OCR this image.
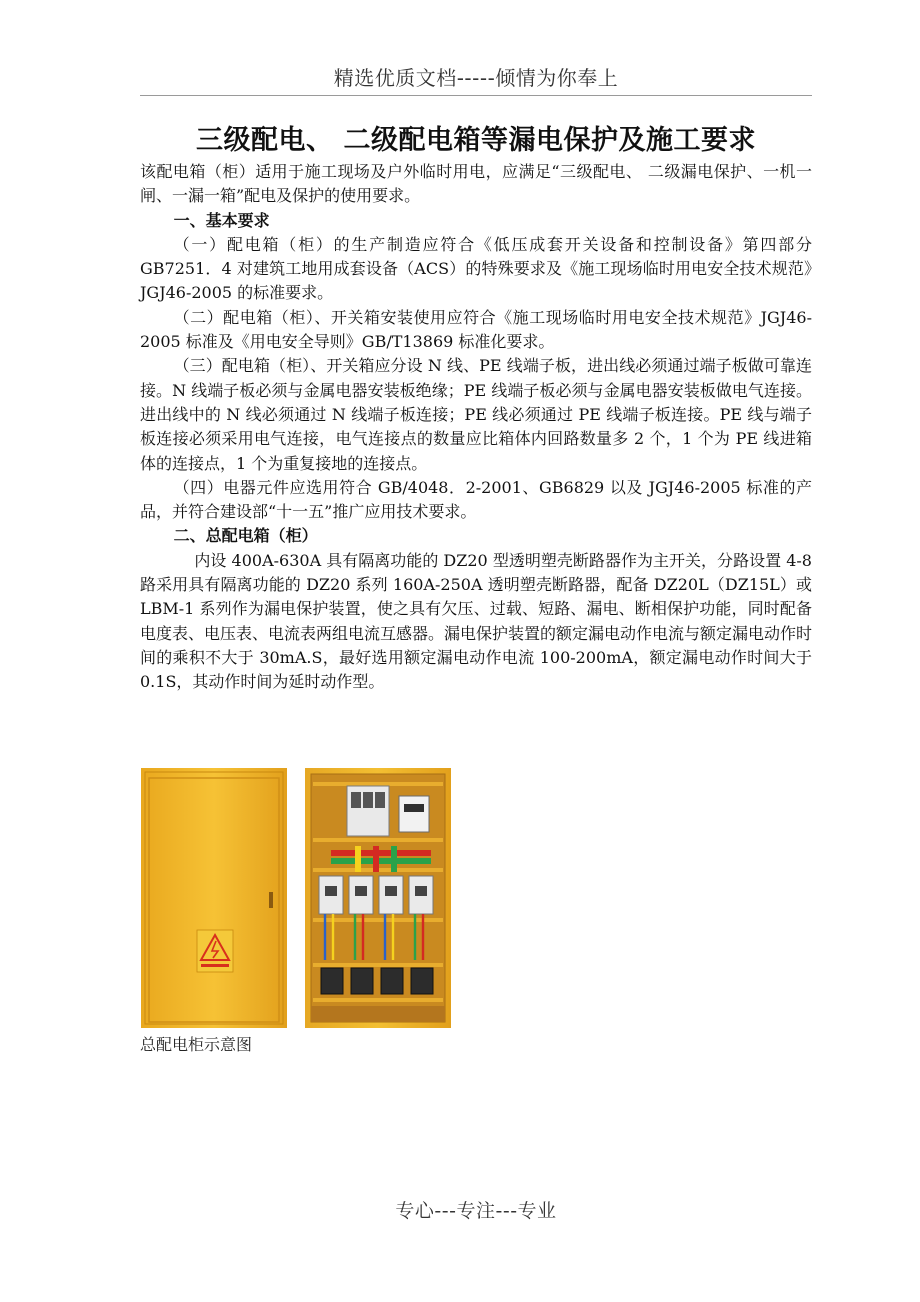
精选优质文档-----倾情为你奉上
三级配电、 二级配电箱等漏电保护及施工要求

该配电箱（柜）适用于施工现场及户外临时用电，应满足“三级配电、 二级漏电保护、一机一闸、一漏一箱”配电及保护的使用要求。

一、基本要求

（一）配电箱（柜）的生产制造应符合《低压成套开关设备和控制设备》第四部分 GB7251．4 对建筑工地用成套设备（ACS）的特殊要求及《施工现场临时用电安全技术规范》JGJ46-2005 的标准要求。

（二）配电箱（柜）、开关箱安装使用应符合《施工现场临时用电安全技术规范》JGJ46-2005 标准及《用电安全导则》GB/T13869 标准化要求。

（三）配电箱（柜）、开关箱应分设 N 线、PE 线端子板，进出线必须通过端子板做可靠连接。N 线端子板必须与金属电器安装板绝缘；PE 线端子板必须与金属电器安装板做电气连接。进出线中的 N 线必须通过 N 线端子板连接；PE 线必须通过 PE 线端子板连接。PE 线与端子板连接必须采用电气连接，电气连接点的数量应比箱体内回路数量多 2 个，1 个为 PE 线进箱体的连接点，1 个为重复接地的连接点。

（四）电器元件应选用符合 GB/4048．2-2001、GB6829 以及 JGJ46-2005 标准的产品，并符合建设部“十一五”推广应用技术要求。

二、总配电箱（柜）

内设 400A-630A 具有隔离功能的 DZ20 型透明塑壳断路器作为主开关，分路设置 4-8 路采用具有隔离功能的 DZ20 系列 160A-250A 透明塑壳断路器，配备 DZ20L（DZ15L）或 LBM-1 系列作为漏电保护装置，使之具有欠压、过载、短路、漏电、断相保护功能，同时配备电度表、电压表、电流表两组电流互感器。漏电保护装置的额定漏电动作电流与额定漏电动作时间的乘积不大于 30mA.S，最好选用额定漏电动作电流 100-200mA，额定漏电动作时间大于 0.1S，其动作时间为延时动作型。

总配电柜示意图
专心---专注---专业
